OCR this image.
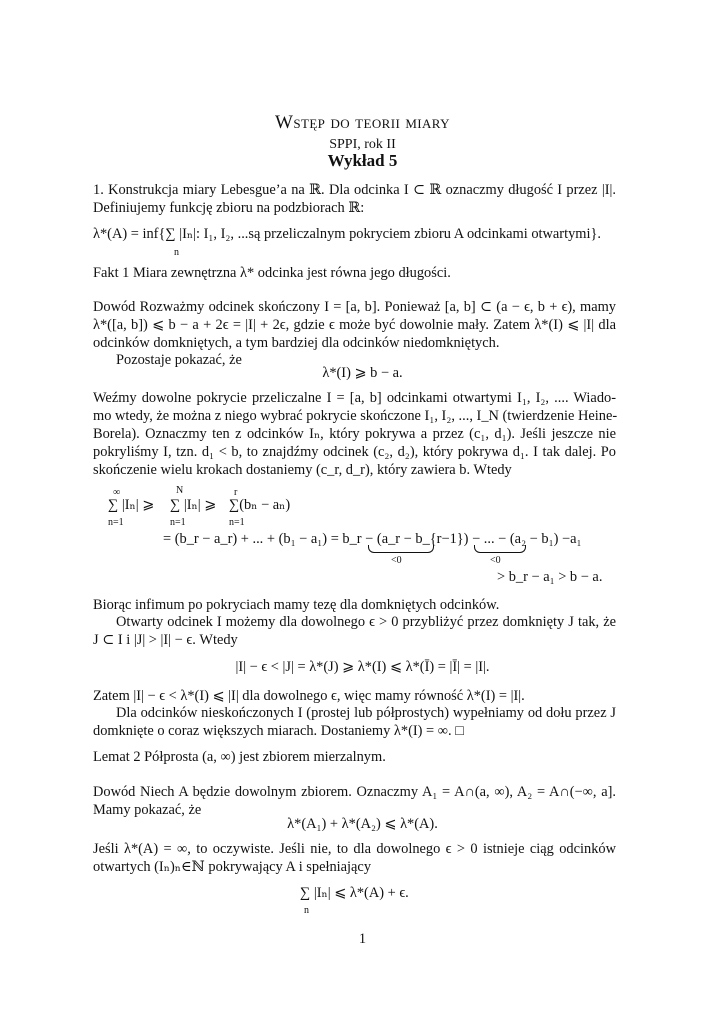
Wstęp do teorii miary
SPPI, rok II
Wykład 5
1. Konstrukcja miary Lebesgue’a na ℝ. Dla odcinka I ⊂ ℝ oznaczmy długość I przez |I|.
Definiujemy funkcję zbioru na podzbiorach ℝ:
λ*(A) = inf{∑ |Iₙ|: I₁, I₂, ...są przeliczalnym pokryciem zbioru A odcinkami otwartymi}.
n
Fakt 1 Miara zewnętrzna λ* odcinka jest równa jego długości.
Dowód Rozważmy odcinek skończony I = [a, b]. Ponieważ [a, b] ⊂ (a − ϵ, b + ϵ), mamy
λ*([a, b]) ⩽ b − a + 2ϵ = |I| + 2ϵ, gdzie ϵ może być dowolnie mały. Zatem λ*(I) ⩽ |I| dla
odcinków domkniętych, a tym bardziej dla odcinków niedomkniętych.
Pozostaje pokazać, że
λ*(I) ⩾ b − a.
Weźmy dowolne pokrycie przeliczalne I = [a, b] odcinkami otwartymi I₁, I₂, .... Wiado-
mo wtedy, że można z niego wybrać pokrycie skończone I₁, I₂, ..., I_N (twierdzenie Heine-
Borela). Oznaczmy ten z odcinków Iₙ, który pokrywa a przez (c₁, d₁). Jeśli jeszcze nie
pokryliśmy I, tzn. d₁ < b, to znajdźmy odcinek (c₂, d₂), który pokrywa d₁. I tak dalej. Po
skończenie wielu krokach dostaniemy (c_r, d_r), który zawiera b. Wtedy
∞
∑ |Iₙ| ⩾
n=1
N
∑ |Iₙ| ⩾
n=1
r
∑(bₙ − aₙ)
n=1
= (b_r − a_r) + ... + (b₁ − a₁) = b_r − (a_r − b_{r−1}) − ... − (a₂ − b₁) −a₁
<0	<0
> b_r − a₁ > b − a.
Biorąc infimum po pokryciach mamy tezę dla domkniętych odcinków.
Otwarty odcinek I możemy dla dowolnego ϵ > 0 przybliżyć przez domknięty J tak, że
J ⊂ I i |J| > |I| − ϵ. Wtedy
|I| − ϵ < |J| = λ*(J) ⩾ λ*(I) ⩽ λ*(Ī) = |Ī| = |I|.
Zatem |I| − ϵ < λ*(I) ⩽ |I| dla dowolnego ϵ, więc mamy równość λ*(I) = |I|.
Dla odcinków nieskończonych I (prostej lub półprostych) wypełniamy od dołu przez J
domknięte o coraz większych miarach. Dostaniemy λ*(I) = ∞. □
Lemat 2 Półprosta (a, ∞) jest zbiorem mierzalnym.
Dowód Niech A będzie dowolnym zbiorem. Oznaczmy A₁ = A∩(a, ∞), A₂ = A∩(−∞, a].
Mamy pokazać, że
λ*(A₁) + λ*(A₂) ⩽ λ*(A).
Jeśli λ*(A) = ∞, to oczywiste. Jeśli nie, to dla dowolnego ϵ > 0 istnieje ciąg odcinków
otwartych (Iₙ)ₙ∈ℕ pokrywający A i spełniający
∑ |Iₙ| ⩽ λ*(A) + ϵ.
n
1
